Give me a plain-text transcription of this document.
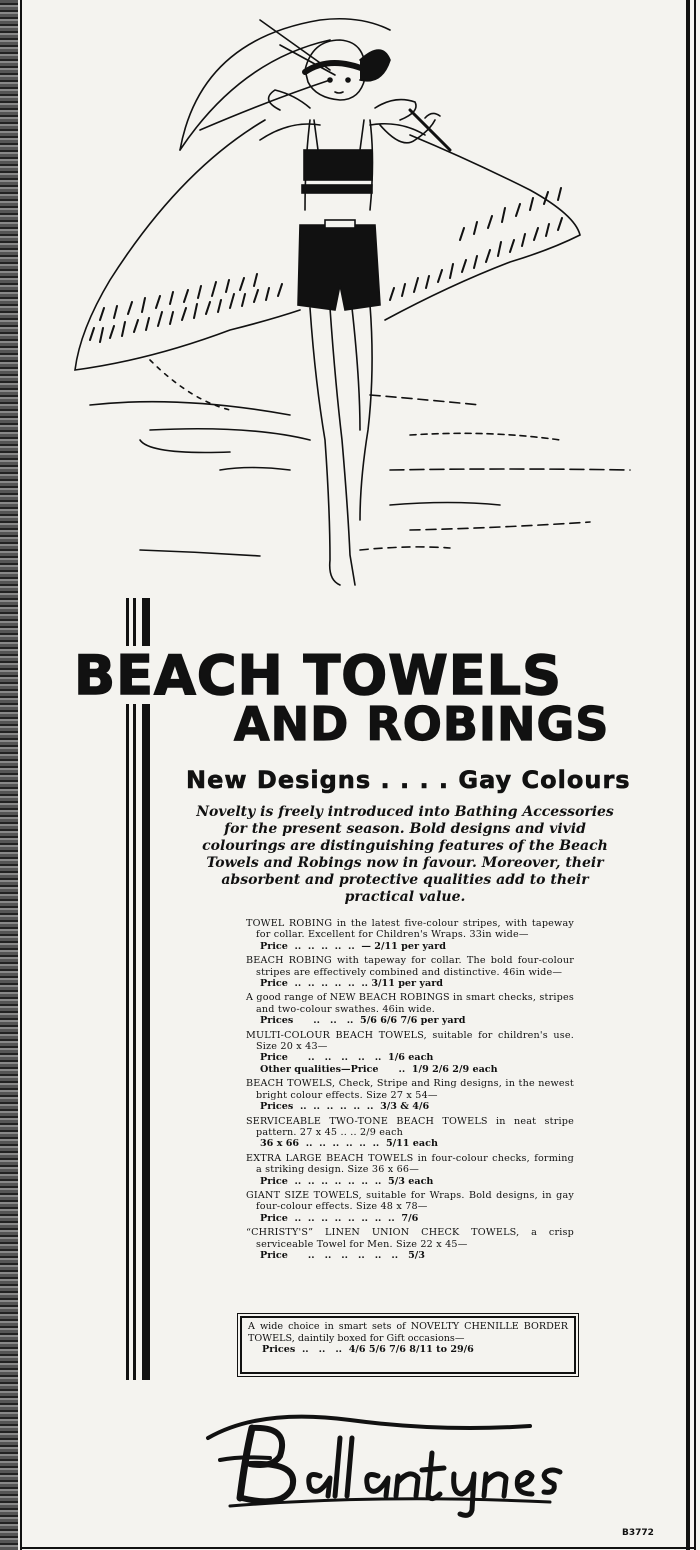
BEACH TOWELS
AND ROBINGS
New Designs . . . . Gay Colours
Novelty is freely introduced into Bathing Accessories for the present season. Bold designs and vivid colourings are distinguishing features of the Beach Towels and Robings now in favour. Moreover, their absorbent and protective qualities add to their practical value.
TOWEL ROBING in the latest five-colour stripes, with tapeway for collar. Excellent for Children's Wraps. 33in wide—
Price  ..  ..  ..  ..  ..  — 2/11 per yard
BEACH ROBING with tapeway for collar. The bold four-colour stripes are effectively combined and distinctive. 46in wide—
Price  ..  ..  ..  ..  ..  .. 3/11 per yard
A good range of NEW BEACH ROBINGS in smart checks, stripes and two-colour swathes. 46in wide.
Prices      ..   ..   ..  5/6 6/6 7/6 per yard
MULTI-COLOUR BEACH TOWELS, suitable for children's use. Size 20 x 43—
Price      ..   ..   ..   ..   ..  1/6 each
Other qualities—Price      ..  1/9 2/6 2/9 each
BEACH TOWELS, Check, Stripe and Ring designs, in the newest bright colour effects. Size 27 x 54—
Prices  ..  ..  ..  ..  ..  ..  3/3 & 4/6
SERVICEABLE TWO-TONE BEACH TOWELS in neat stripe pattern. 27 x 45 .. .. 2/9 each
36 x 66  ..  ..  ..  ..  ..  ..  5/11 each
EXTRA LARGE BEACH TOWELS in four-colour checks, forming a striking design. Size 36 x 66—
Price  ..  ..  ..  ..  ..  ..  ..  5/3 each
GIANT SIZE TOWELS, suitable for Wraps. Bold designs, in gay four-colour effects. Size 48 x 78—
Price  ..  ..  ..  ..  ..  ..  ..  ..  7/6
“CHRISTY'S” LINEN UNION CHECK TOWELS, a crisp serviceable Towel for Men. Size 22 x 45—
Price      ..   ..   ..   ..   ..   ..   5/3
A wide choice in smart sets of NOVELTY CHENILLE BORDER TOWELS, daintily boxed for Gift occasions—
Prices  ..   ..   ..  4/6 5/6 7/6 8/11 to 29/6
B3772
